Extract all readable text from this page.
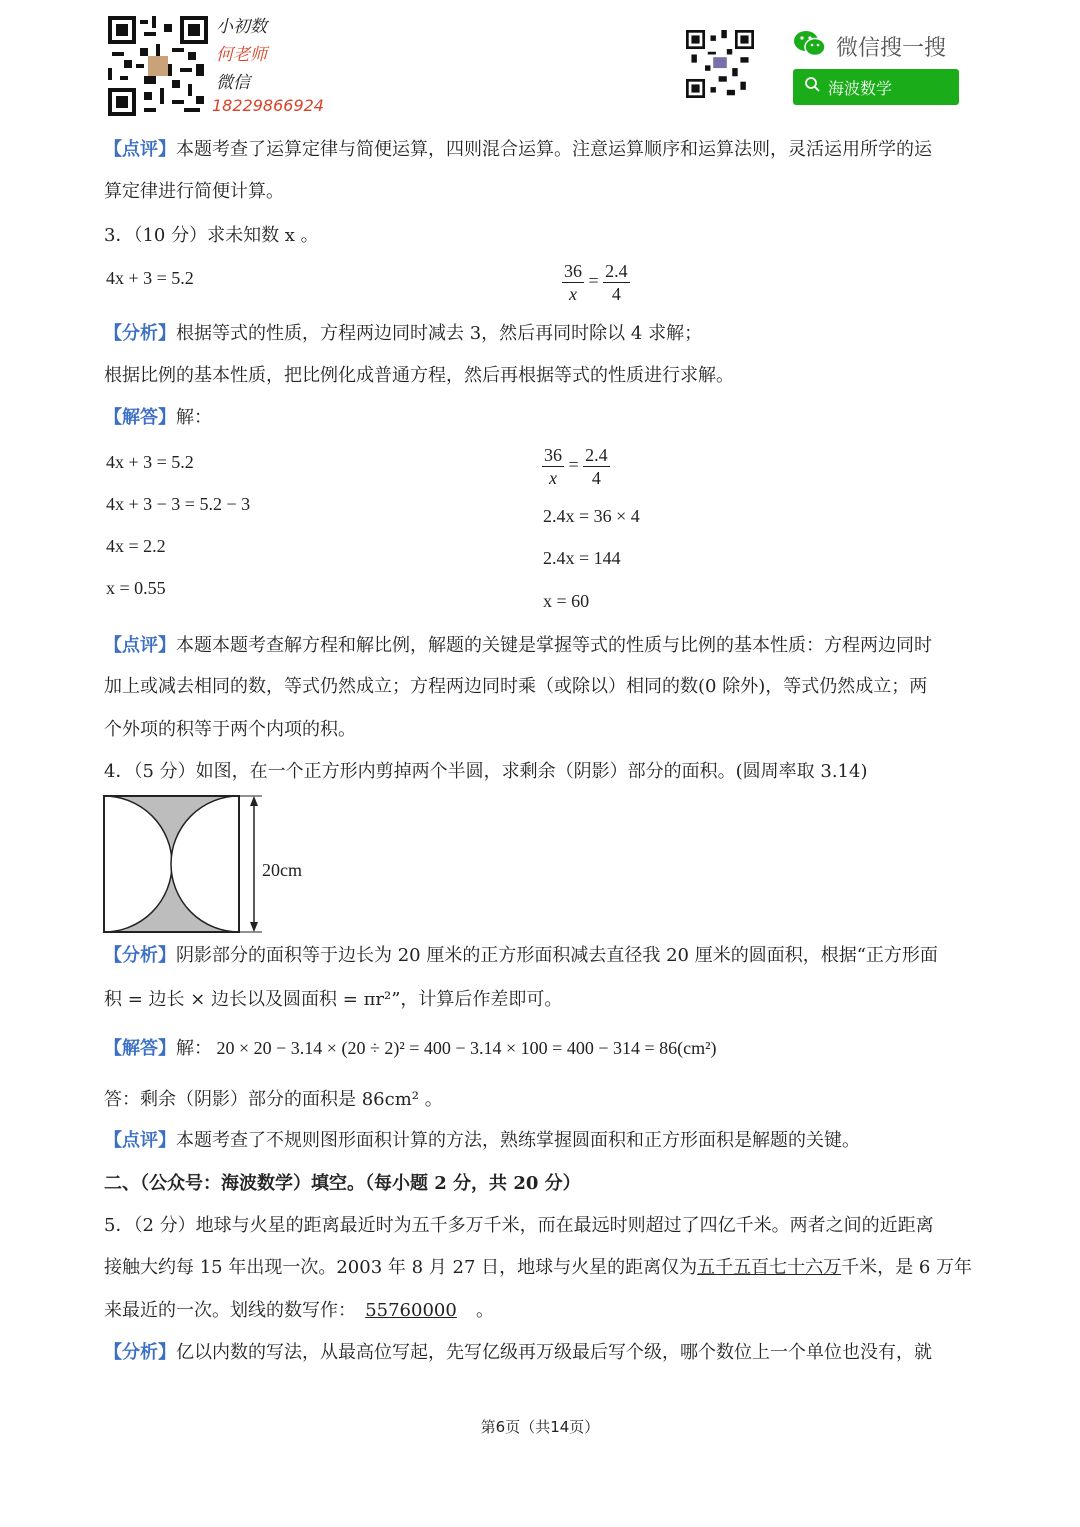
小初数
何老师
微信
18229866924
微信搜一搜
海波数学
【点评】本题考查了运算定律与简便运算，四则混合运算。注意运算顺序和运算法则，灵活运用所学的运
算定律进行简便计算。
3．（10 分）求未知数 x 。
4x + 3 = 5.2	$\frac{36}{x} = \frac{2.4}{4}$
【分析】根据等式的性质，方程两边同时减去 3，然后再同时除以 4 求解；
根据比例的基本性质，把比例化成普通方程，然后再根据等式的性质进行求解。
【解答】解：
4x + 3 = 5.2
4x + 3 − 3 = 5.2 − 3
4x = 2.2
x = 0.55
$\frac{36}{x} = \frac{2.4}{4}$
2.4x = 36 × 4
2.4x = 144
x = 60
【点评】本题本题考查解方程和解比例，解题的关键是掌握等式的性质与比例的基本性质：方程两边同时
加上或减去相同的数，等式仍然成立；方程两边同时乘（或除以）相同的数(0 除外)，等式仍然成立；两
个外项的积等于两个内项的积。
4．（5 分）如图，在一个正方形内剪掉两个半圆，求剩余（阴影）部分的面积。(圆周率取 3.14)
20cm
【分析】阴影部分的面积等于边长为 20 厘米的正方形面积减去直径我 20 厘米的圆面积，根据“正方形面
积 = 边长 × 边长以及圆面积 = πr²”，计算后作差即可。
【解答】解： 20 × 20 − 3.14 × (20 ÷ 2)² = 400 − 3.14 × 100 = 400 − 314 = 86(cm²)
答：剩余（阴影）部分的面积是 86cm² 。
【点评】本题考查了不规则图形面积计算的方法，熟练掌握圆面积和正方形面积是解题的关键。
二、（公众号：海波数学）填空。（每小题 2 分，共 20 分）
5．（2 分）地球与火星的距离最近时为五千多万千米，而在最远时则超过了四亿千米。两者之间的近距离
接触大约每 15 年出现一次。2003 年 8 月 27 日，地球与火星的距离仅为五千五百七十六万千米，是 6 万年
来最近的一次。划线的数写作： 55760000 。
【分析】亿以内数的写法，从最高位写起，先写亿级再万级最后写个级，哪个数位上一个单位也没有，就
第6页（共14页）
